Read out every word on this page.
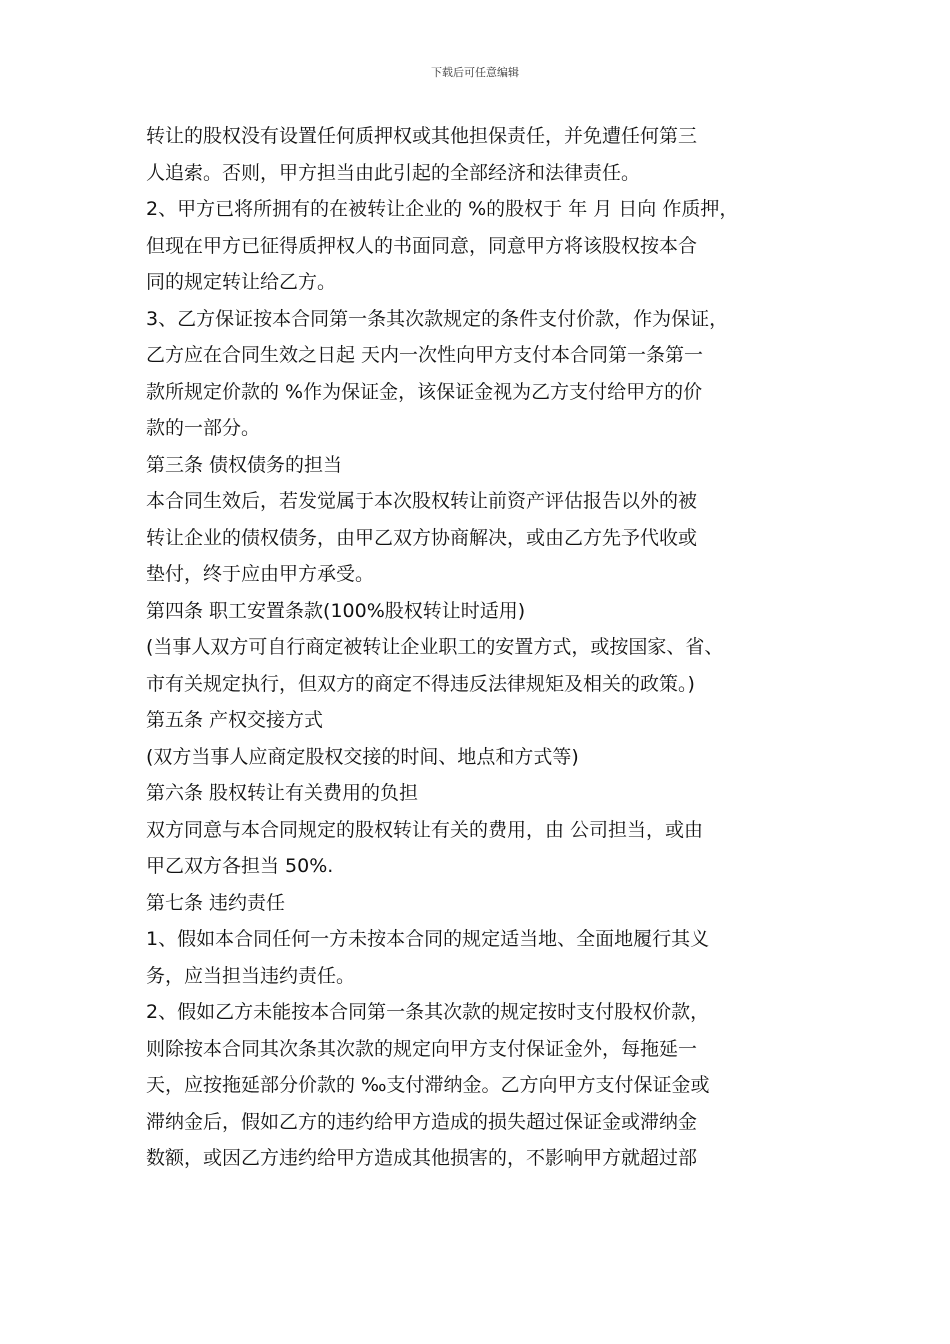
下载后可任意编辑
转让的股权没有设置任何质押权或其他担保责任，并免遭任何第三
人追索。否则，甲方担当由此引起的全部经济和法律责任。
2、甲方已将所拥有的在被转让企业的 %的股权于 年 月 日向 作质押，
但现在甲方已征得质押权人的书面同意，同意甲方将该股权按本合
同的规定转让给乙方。
3、乙方保证按本合同第一条其次款规定的条件支付价款，作为保证，
乙方应在合同生效之日起 天内一次性向甲方支付本合同第一条第一
款所规定价款的 %作为保证金，该保证金视为乙方支付给甲方的价
款的一部分。
第三条 债权债务的担当
本合同生效后，若发觉属于本次股权转让前资产评估报告以外的被
转让企业的债权债务，由甲乙双方协商解决，或由乙方先予代收或
垫付，终于应由甲方承受。
第四条 职工安置条款(100%股权转让时适用)
(当事人双方可自行商定被转让企业职工的安置方式，或按国家、省、
市有关规定执行，但双方的商定不得违反法律规矩及相关的政策。)
第五条 产权交接方式
(双方当事人应商定股权交接的时间、地点和方式等)
第六条 股权转让有关费用的负担
双方同意与本合同规定的股权转让有关的费用，由 公司担当，或由
甲乙双方各担当 50%.
第七条 违约责任
1、假如本合同任何一方未按本合同的规定适当地、全面地履行其义
务，应当担当违约责任。
2、假如乙方未能按本合同第一条其次款的规定按时支付股权价款，
则除按本合同其次条其次款的规定向甲方支付保证金外，每拖延一
天，应按拖延部分价款的 ‰支付滞纳金。乙方向甲方支付保证金或
滞纳金后，假如乙方的违约给甲方造成的损失超过保证金或滞纳金
数额，或因乙方违约给甲方造成其他损害的，不影响甲方就超过部
